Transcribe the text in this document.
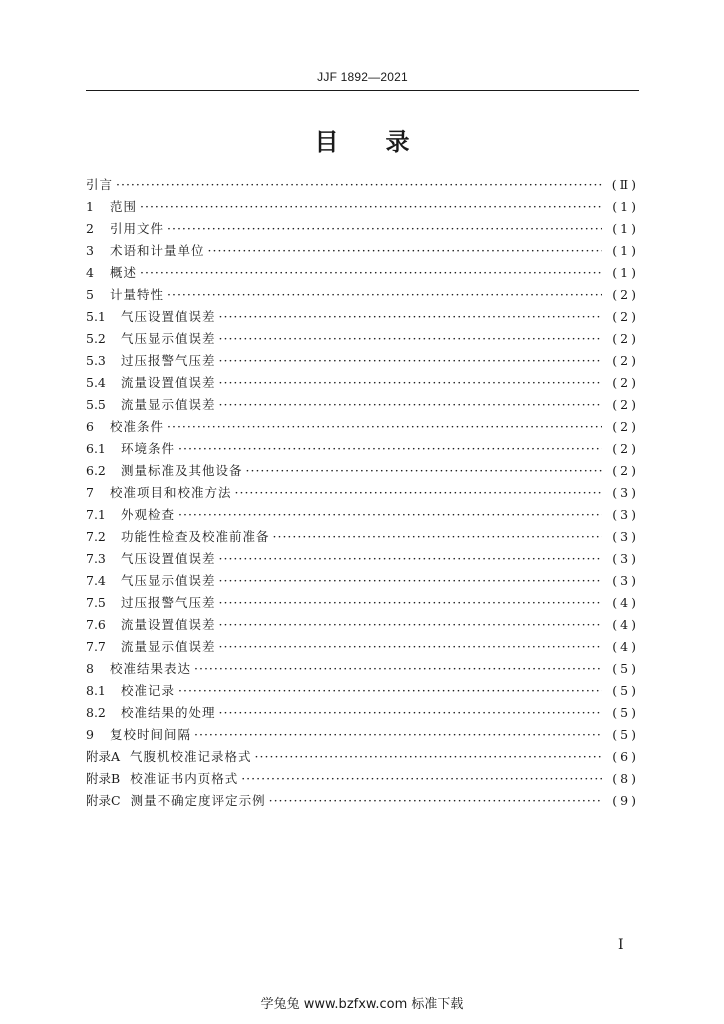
JJF 1892—2021
目 录
引言 ·····	(Ⅱ)
1	范围 ·····	(1)
2	引用文件 ·····	(1)
3	术语和计量单位 ·····	(1)
4	概述 ·····	(1)
5	计量特性 ·····	(2)
5.1	气压设置值误差 ·····	(2)
5.2	气压显示值误差 ·····	(2)
5.3	过压报警气压差 ·····	(2)
5.4	流量设置值误差 ·····	(2)
5.5	流量显示值误差 ·····	(2)
6	校准条件 ·····	(2)
6.1	环境条件 ·····	(2)
6.2	测量标准及其他设备 ·····	(2)
7	校准项目和校准方法 ·····	(3)
7.1	外观检查 ·····	(3)
7.2	功能性检查及校准前准备 ·····	(3)
7.3	气压设置值误差 ·····	(3)
7.4	气压显示值误差 ·····	(3)
7.5	过压报警气压差 ·····	(4)
7.6	流量设置值误差 ·····	(4)
7.7	流量显示值误差 ·····	(4)
8	校准结果表达 ·····	(5)
8.1	校准记录 ·····	(5)
8.2	校准结果的处理 ·····	(5)
9	复校时间间隔 ·····	(5)
附录A 气腹机校准记录格式 ·····	(6)
附录B 校准证书内页格式 ·····	(8)
附录C 测量不确定度评定示例 ·····	(9)
I
学兔兔 www.bzfxw.com 标准下载
